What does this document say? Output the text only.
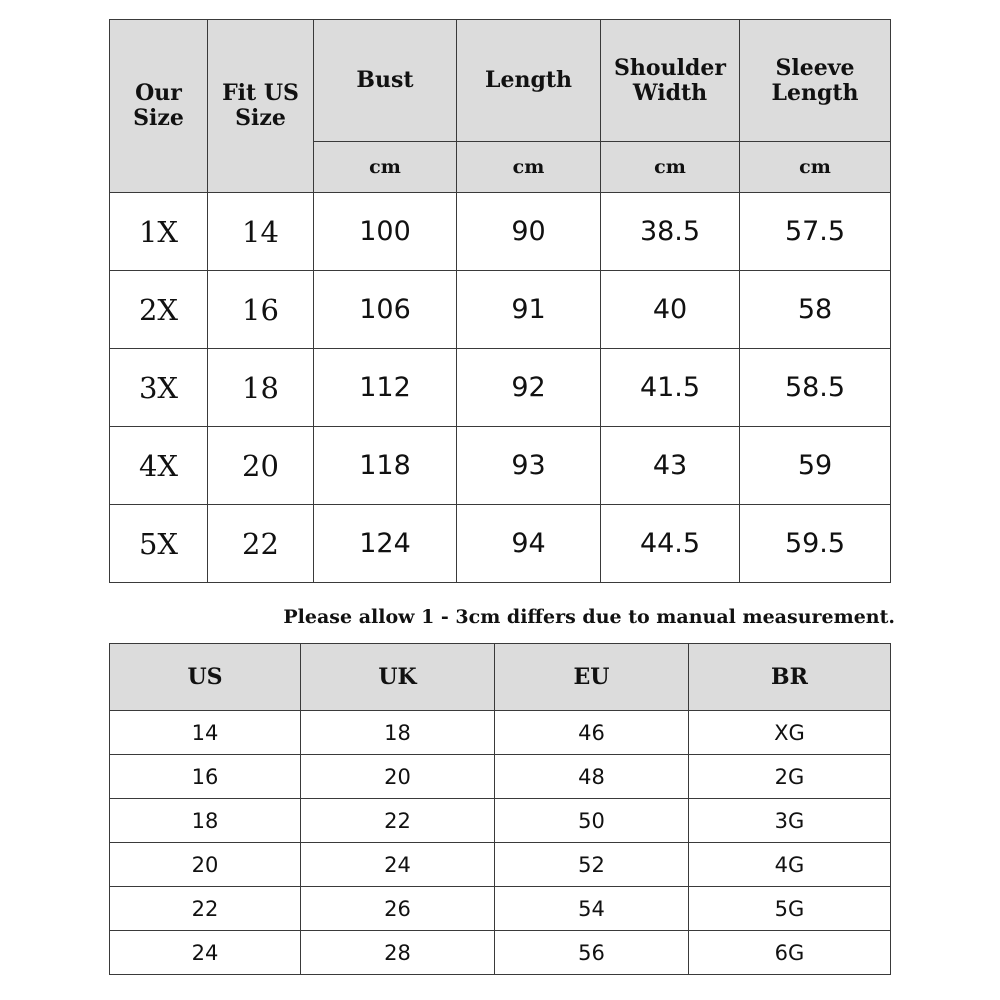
Our Size	Fit US Size	Bust	Length	Shoulder Width	Sleeve Length
		cm	cm	cm	cm
1X	14	100	90	38.5	57.5
2X	16	106	91	40	58
3X	18	112	92	41.5	58.5
4X	20	118	93	43	59
5X	22	124	94	44.5	59.5
Please allow 1 - 3cm differs due to manual measurement.
US	UK	EU	BR
14	18	46	XG
16	20	48	2G
18	22	50	3G
20	24	52	4G
22	26	54	5G
24	28	56	6G
